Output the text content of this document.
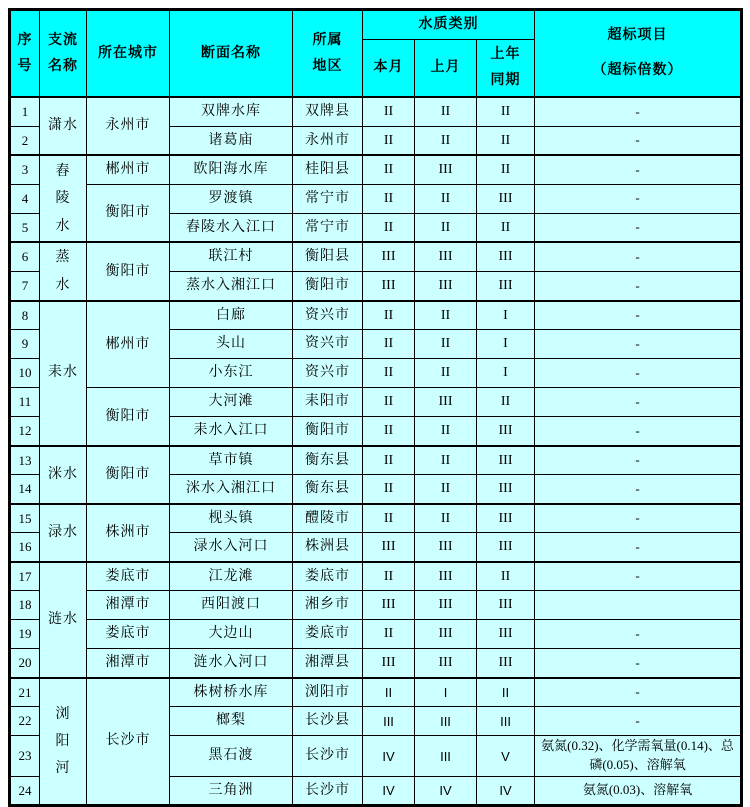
序号	支流名称	所在城市	断面名称	所属地区	水质类别			超标项目
（超标倍数）

					本月	上月	上年同期	
1	潇水	永州市	双牌水库	双牌县	II	II	II	-
2			诸葛庙	永州市	II	II	II	-
3	舂
陵
水	郴州市	欧阳海水库	桂阳县	II	III	II	-
4		衡阳市	罗渡镇	常宁市	II	II	III	-
5			舂陵水入江口	常宁市	II	II	II	-
6	蒸
水	衡阳市	联江村	衡阳县	III	III	III	-
7			蒸水入湘江口	衡阳市	III	III	III	-
8	耒水	郴州市	白廊	资兴市	II	II	I	-
9			头山	资兴市	II	II	I	-
10			小东江	资兴市	II	II	I	-
11		衡阳市	大河滩	耒阳市	II	III	II	-
12			耒水入江口	衡阳市	II	II	III	-
13	洣水	衡阳市	草市镇	衡东县	II	II	III	-
14			洣水入湘江口	衡东县	II	II	III	-
15	渌水	株洲市	枧头镇	醴陵市	II	II	III	-
16			渌水入河口	株洲县	III	III	III	-
17	涟水	娄底市	江龙滩	娄底市	II	III	II	-
18		湘潭市	西阳渡口	湘乡市	III	III	III	
19		娄底市	大边山	娄底市	II	III	III	-
20		湘潭市	涟水入河口	湘潭县	III	III	III	-
21	浏
阳
河	长沙市	株树桥水库	浏阳市	II	I	II	-
22			榔梨	长沙县	III	III	III	-
23			黑石渡	长沙市	IV	III	V	氨氮(0.32)、化学需氧量(0.14)、总磷(0.05)、溶解氧
24			三角洲	长沙市	IV	IV	IV	氨氮(0.03)、溶解氧
